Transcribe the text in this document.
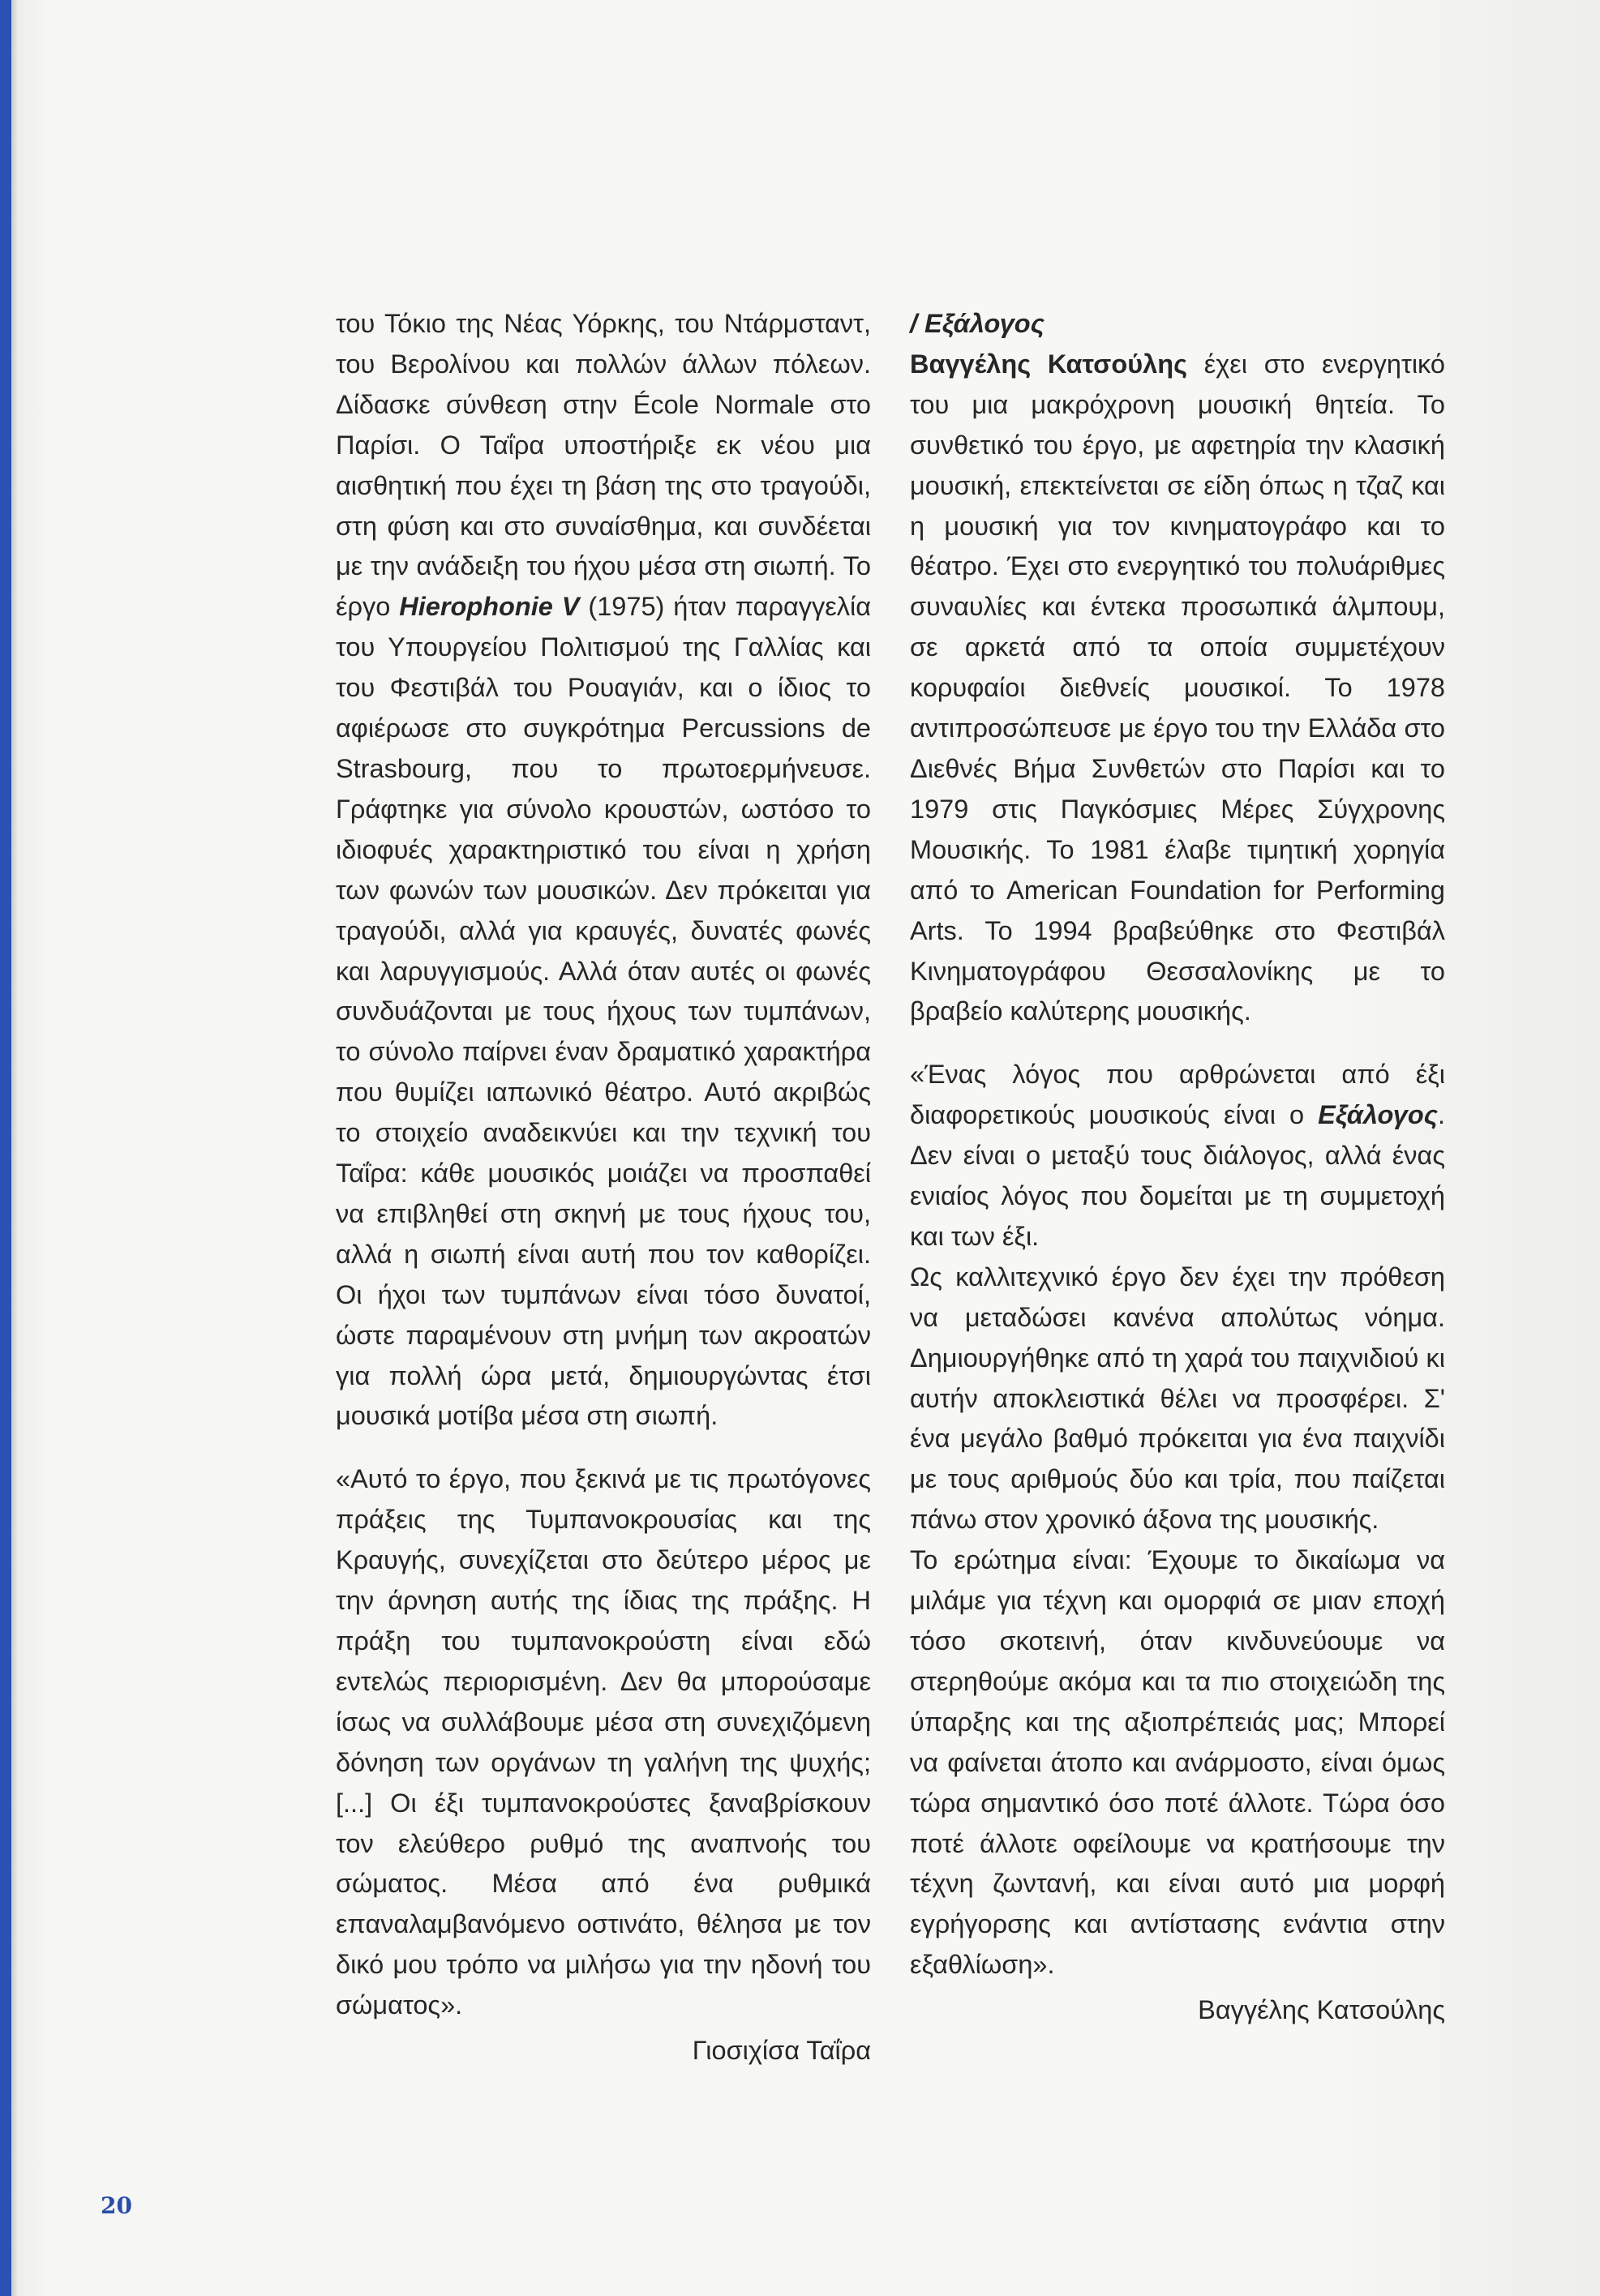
του Τόκιο της Νέας Υόρκης, του Ντάρμσταντ, του Βερολίνου και πολλών άλλων πόλεων. Δίδασκε σύνθεση στην École Normale στο Παρίσι. Ο Ταΐρα υποστήριξε εκ νέου μια αισθητική που έχει τη βάση της στο τραγούδι, στη φύση και στο συναίσθημα, και συνδέεται με την ανάδειξη του ήχου μέσα στη σιωπή. Το έργο Hierophonie V (1975) ήταν παραγγελία του Υπουργείου Πολιτισμού της Γαλλίας και του Φεστιβάλ του Ρουαγιάν, και ο ίδιος το αφιέρωσε στο συγκρότημα Percussions de Strasbourg, που το πρωτοερμήνευσε. Γράφτηκε για σύνολο κρουστών, ωστόσο το ιδιοφυές χαρακτηριστικό του είναι η χρήση των φωνών των μουσικών. Δεν πρόκειται για τραγούδι, αλλά για κραυγές, δυνατές φωνές και λαρυγγισμούς. Αλλά όταν αυτές οι φωνές συνδυάζονται με τους ήχους των τυμπάνων, το σύνολο παίρνει έναν δραματικό χαρακτήρα που θυμίζει ιαπωνικό θέατρο. Αυτό ακριβώς το στοιχείο αναδεικνύει και την τεχνική του Ταΐρα: κάθε μουσικός μοιάζει να προσπαθεί να επιβληθεί στη σκηνή με τους ήχους του, αλλά η σιωπή είναι αυτή που τον καθορίζει. Οι ήχοι των τυμπάνων είναι τόσο δυνατοί, ώστε παραμένουν στη μνήμη των ακροατών για πολλή ώρα μετά, δημιουργώντας έτσι μουσικά μοτίβα μέσα στη σιωπή.

«Αυτό το έργο, που ξεκινά με τις πρωτόγονες πράξεις της Τυμπανοκρουσίας και της Κραυγής, συνεχίζεται στο δεύτερο μέρος με την άρνηση αυτής της ίδιας της πράξης. Η πράξη του τυμπανοκρούστη είναι εδώ εντελώς περιορισμένη. Δεν θα μπορούσαμε ίσως να συλλάβουμε μέσα στη συνεχιζόμενη δόνηση των οργάνων τη γαλήνη της ψυχής; [...] Οι έξι τυμπανοκρούστες ξαναβρίσκουν τον ελεύθερο ρυθμό της αναπνοής του σώματος. Μέσα από ένα ρυθμικά επαναλαμβανόμενο οστινάτο, θέλησα με τον δικό μου τρόπο να μιλήσω για την ηδονή του σώματος».

Γιοσιχίσα Ταΐρα

/ Εξάλογος

Βαγγέλης Κατσούλης έχει στο ενεργητικό του μια μακρόχρονη μουσική θητεία. Το συνθετικό του έργο, με αφετηρία την κλασική μουσική, επεκτείνεται σε είδη όπως η τζαζ και η μουσική για τον κινηματογράφο και το θέατρο. Έχει στο ενεργητικό του πολυάριθμες συναυλίες και έντεκα προσωπικά άλμπουμ, σε αρκετά από τα οποία συμμετέχουν κορυφαίοι διεθνείς μουσικοί. Το 1978 αντιπροσώπευσε με έργο του την Ελλάδα στο Διεθνές Βήμα Συνθετών στο Παρίσι και το 1979 στις Παγκόσμιες Μέρες Σύγχρονης Μουσικής. Το 1981 έλαβε τιμητική χορηγία από το American Foundation for Performing Arts. Το 1994 βραβεύθηκε στο Φεστιβάλ Κινηματογράφου Θεσσαλονίκης με το βραβείο καλύτερης μουσικής.

«Ένας λόγος που αρθρώνεται από έξι διαφορετικούς μουσικούς είναι ο Εξάλογος. Δεν είναι ο μεταξύ τους διάλογος, αλλά ένας ενιαίος λόγος που δομείται με τη συμμετοχή και των έξι.

Ως καλλιτεχνικό έργο δεν έχει την πρόθεση να μεταδώσει κανένα απολύτως νόημα. Δημιουργήθηκε από τη χαρά του παιχνιδιού κι αυτήν αποκλειστικά θέλει να προσφέρει. Σ' ένα μεγάλο βαθμό πρόκειται για ένα παιχνίδι με τους αριθμούς δύο και τρία, που παίζεται πάνω στον χρονικό άξονα της μουσικής.

Το ερώτημα είναι: Έχουμε το δικαίωμα να μιλάμε για τέχνη και ομορφιά σε μιαν εποχή τόσο σκοτεινή, όταν κινδυνεύουμε να στερηθούμε ακόμα και τα πιο στοιχειώδη της ύπαρξης και της αξιοπρέπειάς μας; Μπορεί να φαίνεται άτοπο και ανάρμοστο, είναι όμως τώρα σημαντικό όσο ποτέ άλλοτε. Τώρα όσο ποτέ άλλοτε οφείλουμε να κρατήσουμε την τέχνη ζωντανή, και είναι αυτό μια μορφή εγρήγορσης και αντίστασης ενάντια στην εξαθλίωση».

Βαγγέλης Κατσούλης

20
